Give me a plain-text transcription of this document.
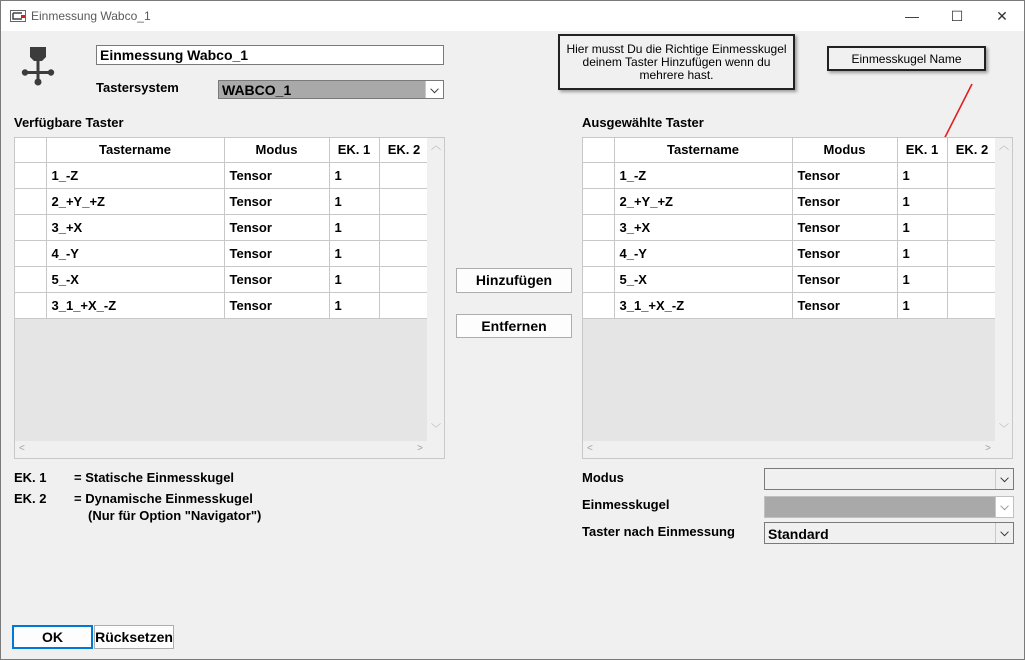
Einmessung Wabco_1	—	☐	✕
Einmessung Wabco_1
Tastersystem	WABCO_1	⌵
Hier musst Du die Richtige Einmesskugel deinem Taster Hinzufügen wenn du mehrere hast.
Einmesskugel Name
Verfügbare Taster	Ausgewählte Taster
	Tastername	Modus	EK. 1	EK. 2
	1_-Z	Tensor	1	
	2_+Y_+Z	Tensor	1	
	3_+X	Tensor	1	
	4_-Y	Tensor	1	
	5_-X	Tensor	1	
	3_1_+X_-Z	Tensor	1	
︿
﹀
<	>
	Tastername	Modus	EK. 1	EK. 2
	1_-Z	Tensor	1	
	2_+Y_+Z	Tensor	1	
	3_+X	Tensor	1	
	4_-Y	Tensor	1	
	5_-X	Tensor	1	
	3_1_+X_-Z	Tensor	1	
︿
﹀
<	>
Hinzufügen
Entfernen
EK. 1 = Statische Einmesskugel
EK. 2 = Dynamische Einmesskugel
(Nur für Option "Navigator")
Modus	⌵
Einmesskugel	⌵
Taster nach Einmessung Standard	⌵
OK	Rücksetzen
